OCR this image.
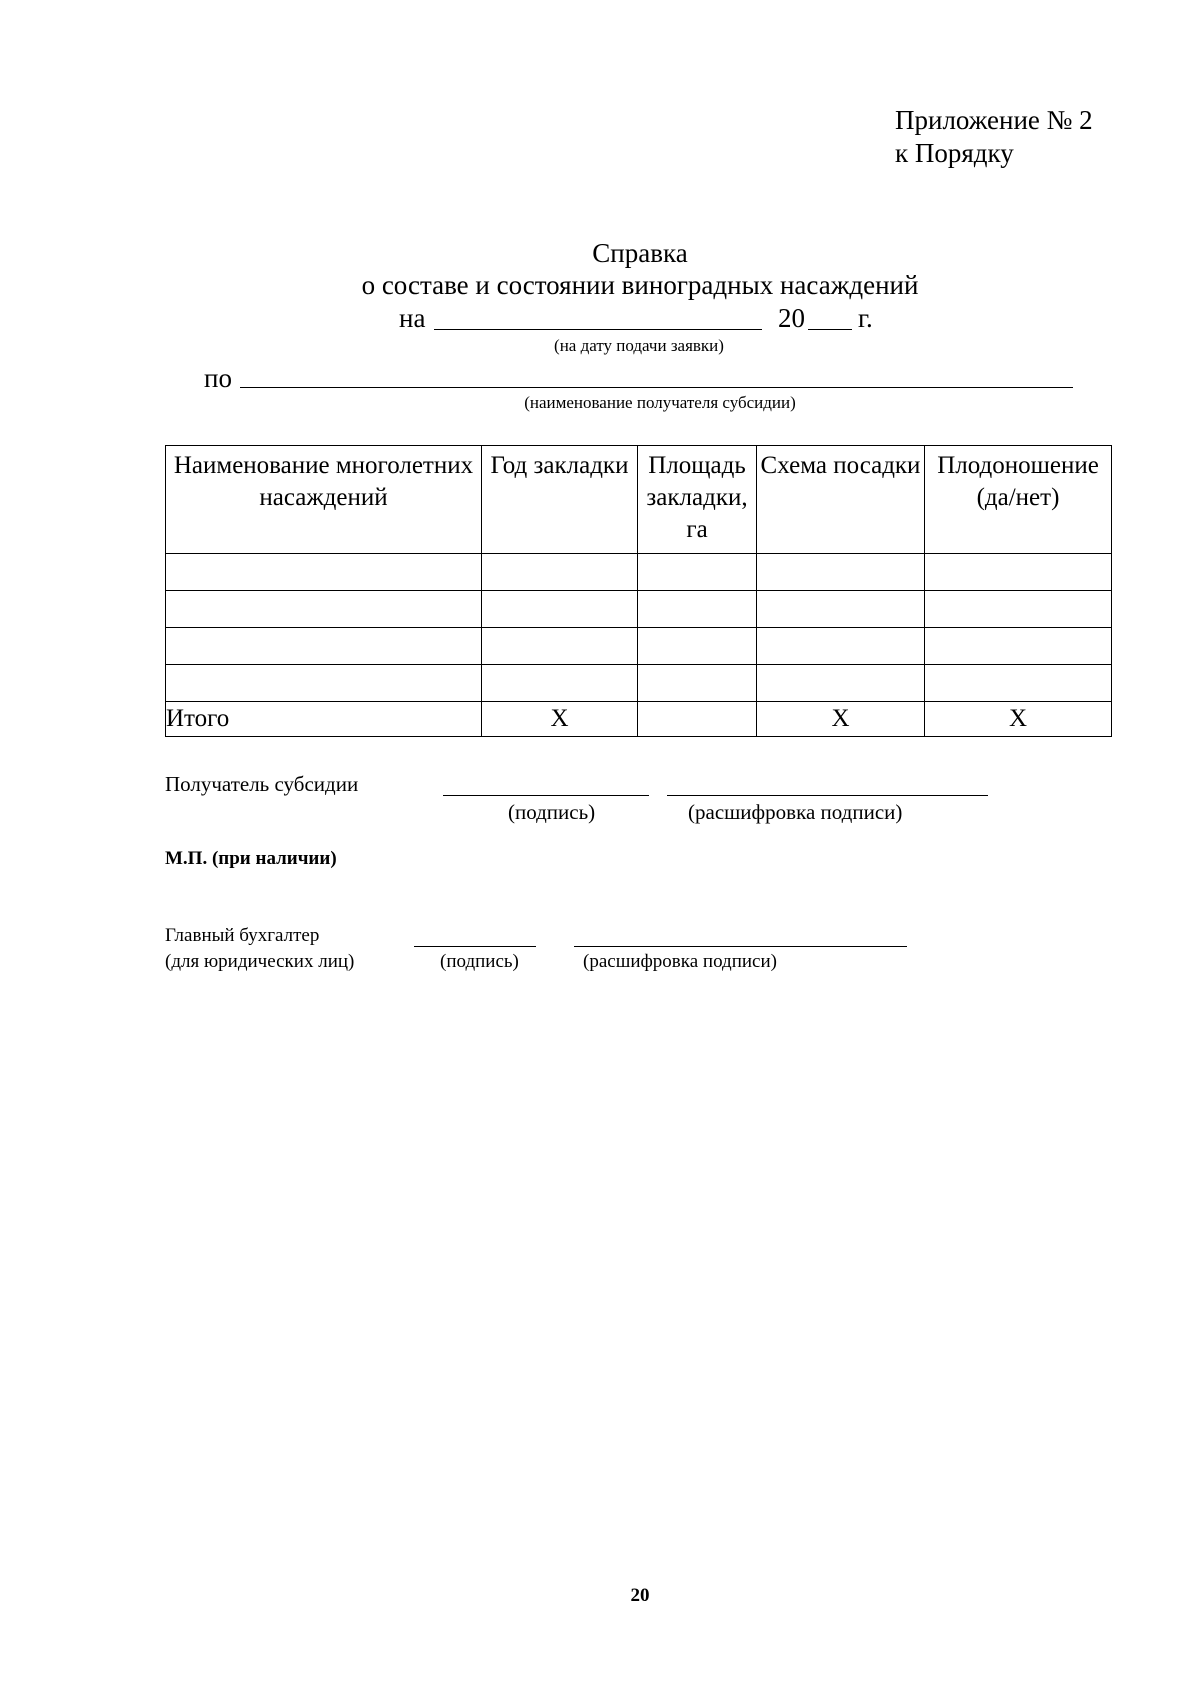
Приложение № 2
к Порядку
Справка
о составе и состоянии виноградных насаждений
на	20 г.
(на дату подачи заявки)
по
(наименование получателя субсидии)
Наименование многолетних насаждений	Год закладки	Площадь закладки, га	Схема посадки	Плодоношение (да/нет)

Итого	X		X	X
Получатель субсидии
(подпись)	(расшифровка подписи)
М.П. (при наличии)
Главный бухгалтер
(для юридических лиц)	(подпись)	(расшифровка подписи)
20
